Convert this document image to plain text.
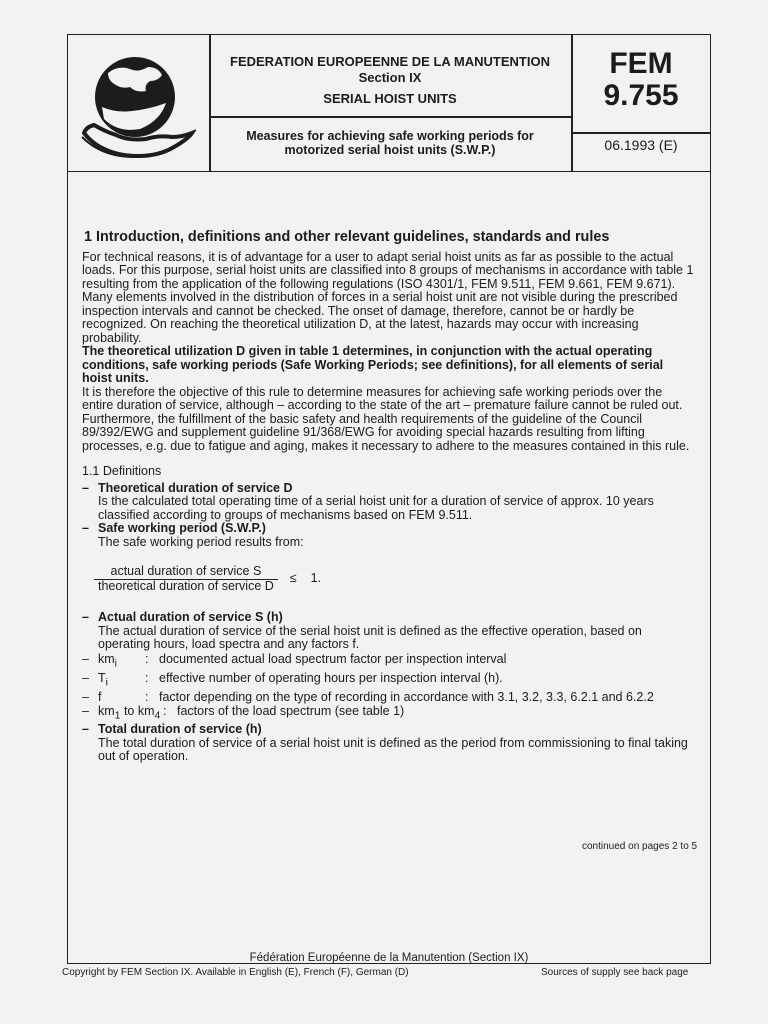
F.E.M.
FEDERATION EUROPEENNE DE LA MANUTENTION
Section IX
SERIAL HOIST UNITS
Measures for achieving safe working periods for
motorized serial hoist units (S.W.P.)
FEM
9.755
06.1993 (E)
1 Introduction, definitions and other relevant guidelines, standards and rules

For technical reasons, it is of advantage for a user to adapt serial hoist units as far as possible to the actual loads. For this purpose, serial hoist units are classified into 8 groups of mechanisms in accordance with table 1 resulting from the application of the following regulations (ISO 4301/1, FEM 9.511, FEM 9.661, FEM 9.671).

Many elements involved in the distribution of forces in a serial hoist unit are not visible during the prescribed inspection intervals and cannot be checked. The onset of damage, therefore, cannot be or hardly be recognized. On reaching the theoretical utilization D, at the latest, hazards may occur with increasing probability.

The theoretical utilization D given in table 1 determines, in conjunction with the actual operating conditions, safe working periods (Safe Working Periods; see definitions), for all elements of serial hoist units.

It is therefore the objective of this rule to determine measures for achieving safe working periods over the entire duration of service, although – according to the state of the art – premature failure cannot be ruled out.

Furthermore, the fulfillment of the basic safety and health requirements of the guideline of the Council 89/392/EWG and supplement guideline 91/368/EWG for avoiding special hazards resulting from lifting processes, e.g. due to fatigue and aging, makes it necessary to adhere to the measures contained in this rule.

1.1 Definitions
– Theoretical duration of service D
Is the calculated total operating time of a serial hoist unit for a duration of service of approx. 10 years classified according to groups of mechanisms based on FEM 9.511.
– Safe working period (S.W.P.)
The safe working period results from:
$\frac{\text{actual duration of service S}}{\text{theoretical duration of service D}} \le 1$.
– Actual duration of service S (h)
The actual duration of service of the serial hoist unit is defined as the effective operation, based on operating hours, load spectra and any factors f.
– $km_i$	: documented actual load spectrum factor per inspection interval
– $T_i$	: effective number of operating hours per inspection interval (h).
– f	: factor depending on the type of recording in accordance with 3.1, 3.2, 3.3, 6.2.1 and 6.2.2
– $km_1$ to $km_4$ : factors of the load spectrum (see table 1)
– Total duration of service (h)
The total duration of service of a serial hoist unit is defined as the period from commissioning to final taking out of operation.
continued on pages 2 to 5
Fédération Européenne de la Manutention (Section IX)
Copyright by FEM Section IX. Available in English (E), French (F), German (D)	Sources of supply see back page
